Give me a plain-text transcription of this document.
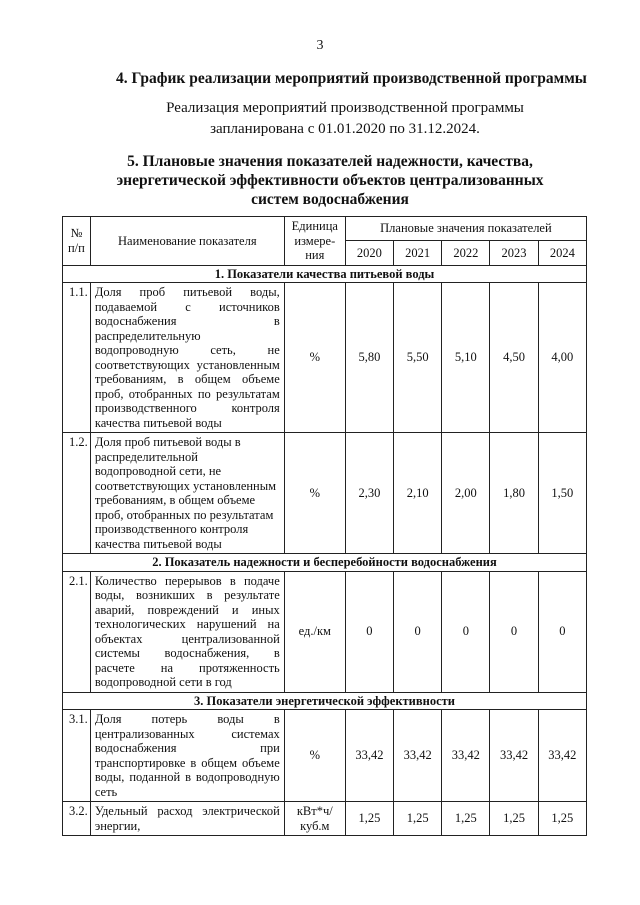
3
4. График реализации мероприятий производственной программы
Реализация мероприятий производственной программы
запланирована с 01.01.2020 по 31.12.2024.
5. Плановые значения показателей надежности, качества,
энергетической эффективности объектов централизованных
систем водоснабжения
№ п/п	Наименование показателя	Единица измере-ния	Плановые значения показателей				
			2020	2021	2022	2023	2024
1. Показатели качества питьевой воды							
1.1.	Доля проб питьевой воды, подаваемой с источников водоснабжения в распределительную водопроводную сеть, не соответствующих установленным требованиям, в общем объеме проб, отобранных по результатам производственного контроля качества питьевой воды	%	5,80	5,50	5,10	4,50	4,00
1.2.	Доля проб питьевой воды в распределительной водопроводной сети, не соответствующих установленным требованиям, в общем объеме проб, отобранных по результатам производственного контроля качества питьевой воды	%	2,30	2,10	2,00	1,80	1,50
2. Показатель надежности и бесперебойности водоснабжения							
2.1.	Количество перерывов в подаче воды, возникших в результате аварий, повреждений и иных технологических нарушений на объектах централизованной системы водоснабжения, в расчете на протяженность водопроводной сети в год	ед./км	0	0	0	0	0
3. Показатели энергетической эффективности							
3.1.	Доля потерь воды в централизованных системах водоснабжения при транспортировке в общем объеме воды, поданной в водопроводную сеть	%	33,42	33,42	33,42	33,42	33,42
3.2.	Удельный расход электрической энергии,	кВт*ч/ куб.м	1,25	1,25	1,25	1,25	1,25
